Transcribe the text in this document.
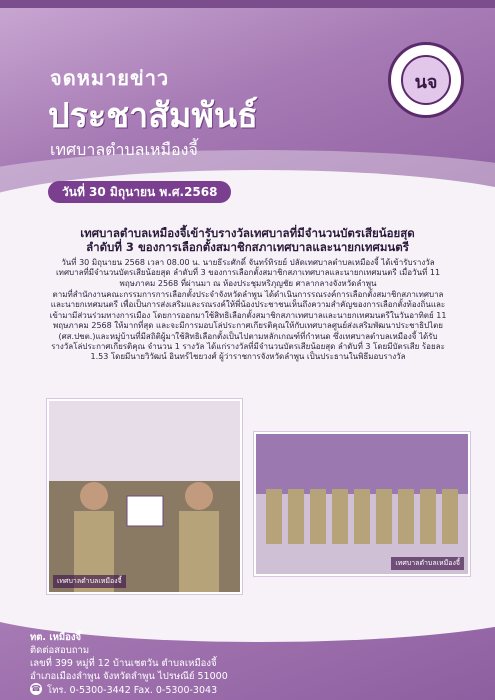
จดหมายข่าว
ประชาสัมพันธ์
เทศบาลตำบลเหมืองจี้
วันที่ 30 มิถุนายน พ.ศ.2568
นจ
เทศบาลตำบลเหมืองจี้เข้ารับรางวัลเทศบาลที่มีจำนวนบัตรเสียน้อยสุด
ลำดับที่ 3 ของการเลือกตั้งสมาชิกสภาเทศบาลและนายกเทศมนตรี
วันที่ 30 มิถุนายน 2568 เวลา 08.00 น. นายธีระศักดิ์ จันทร์ทิรยย์ ปลัดเทศบาลตำบลเหมืองจี้ ได้เข้ารับรางวัลเทศบาลที่มีจำนวนบัตรเสียน้อยสุด ลำดับที่ 3 ของการเลือกตั้งสมาชิกสภาเทศบาลและนายกเทศมนตรี เมื่อวันที่ 11 พฤษภาคม 2568 ที่ผ่านมา ณ ห้องประชุมหริภุญชัย ศาลากลางจังหวัดลำพูน
ตามที่สำนักงานคณะกรรมการการเลือกตั้งประจำจังหวัดลำพูน ได้ดำเนินการรณรงค์การเลือกตั้งสมาชิกสภาเทศบาลและนายกเทศมนตรี เพื่อเป็นการส่งเสริมและรณรงค์ให้พี่น้องประชาชนเห็นถึงความสำคัญของการเลือกตั้งท้องถิ่นและเข้ามามีส่วนร่วมทางการเมือง โดยการออกมาใช้สิทธิเลือกตั้งสมาชิกสภาเทศบาลและนายกเทศมนตรีในวันอาทิตย์ 11 พฤษภาคม 2568 ให้มากที่สุด และจะมีการมอบโล่ประกาศเกียรติคุณให้กับเทศบาลศูนย์ส่งเสริมพัฒนาประชาธิปไตย (ศส.ปชต.)และหมู่บ้านที่มีสถิติผู้มาใช้สิทธิเลือกตั้งเป็นไปตามหลักเกณฑ์ที่กำหนด ซึ่งเทศบาลตำบลเหมืองจี้ ได้รับรางวัลโล่ประกาศเกียรติคุณ จำนวน 1 รางวัล ได้แก่รางวัลที่มีจำนวนบัตรเสียน้อยสุด ลำดับที่ 3 โดยมีบัตรเสีย ร้อยละ 1.53 โดยมีนายวิวัฒน์ อินทร์ไชยวงศ์ ผู้ว่าราชการจังหวัดลำพูน เป็นประธานในพิธีมอบรางวัล
เทศบาลตำบลเหมืองจี้
เทศบาลตำบลเหมืองจี้
ทต. เหมืองจี้
ติดต่อสอบถาม
เลขที่ 399 หมู่ที่ 12 บ้านเชตวัน ตำบลเหมืองจี้
อำเภอเมืองลำพูน จังหวัดลำพูน ไปรษณีย์ 51000
☎ โทร. 0-5300-3442 Fax. 0-5300-3043
